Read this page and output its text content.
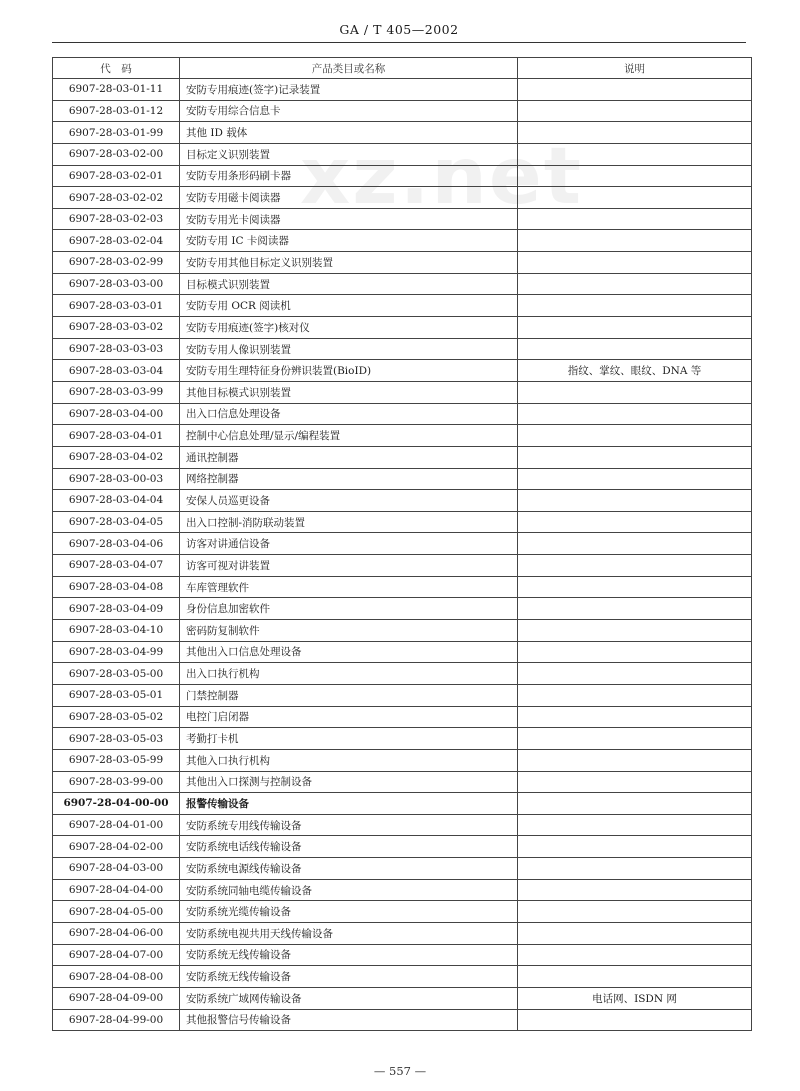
GA / T 405—2002
xz.net
代　码	产品类目或名称	说明
6907-28-03-01-11	安防专用痕迹(签字)记录装置	
6907-28-03-01-12	安防专用综合信息卡	
6907-28-03-01-99	其他 ID 载体	
6907-28-03-02-00	目标定义识别装置	
6907-28-03-02-01	安防专用条形码刷卡器	
6907-28-03-02-02	安防专用磁卡阅读器	
6907-28-03-02-03	安防专用光卡阅读器	
6907-28-03-02-04	安防专用 IC 卡阅读器	
6907-28-03-02-99	安防专用其他目标定义识别装置	
6907-28-03-03-00	目标模式识别装置	
6907-28-03-03-01	安防专用 OCR 阅读机	
6907-28-03-03-02	安防专用痕迹(签字)核对仪	
6907-28-03-03-03	安防专用人像识别装置	
6907-28-03-03-04	安防专用生理特征身份辨识装置(BioID)	指纹、掌纹、眼纹、DNA 等
6907-28-03-03-99	其他目标模式识别装置	
6907-28-03-04-00	出入口信息处理设备	
6907-28-03-04-01	控制中心信息处理/显示/编程装置	
6907-28-03-04-02	通讯控制器	
6907-28-03-00-03	网络控制器	
6907-28-03-04-04	安保人员巡更设备	
6907-28-03-04-05	出入口控制-消防联动装置	
6907-28-03-04-06	访客对讲通信设备	
6907-28-03-04-07	访客可视对讲装置	
6907-28-03-04-08	车库管理软件	
6907-28-03-04-09	身份信息加密软件	
6907-28-03-04-10	密码防复制软件	
6907-28-03-04-99	其他出入口信息处理设备	
6907-28-03-05-00	出入口执行机构	
6907-28-03-05-01	门禁控制器	
6907-28-03-05-02	电控门启闭器	
6907-28-03-05-03	考勤打卡机	
6907-28-03-05-99	其他入口执行机构	
6907-28-03-99-00	其他出入口探测与控制设备	
6907-28-04-00-00	报警传输设备	
6907-28-04-01-00	安防系统专用线传输设备	
6907-28-04-02-00	安防系统电话线传输设备	
6907-28-04-03-00	安防系统电源线传输设备	
6907-28-04-04-00	安防系统同轴电缆传输设备	
6907-28-04-05-00	安防系统光缆传输设备	
6907-28-04-06-00	安防系统电视共用天线传输设备	
6907-28-04-07-00	安防系统无线传输设备	
6907-28-04-08-00	安防系统无线传输设备	
6907-28-04-09-00	安防系统广域网传输设备	电话网、ISDN 网
6907-28-04-99-00	其他报警信号传输设备	
— 557 —
